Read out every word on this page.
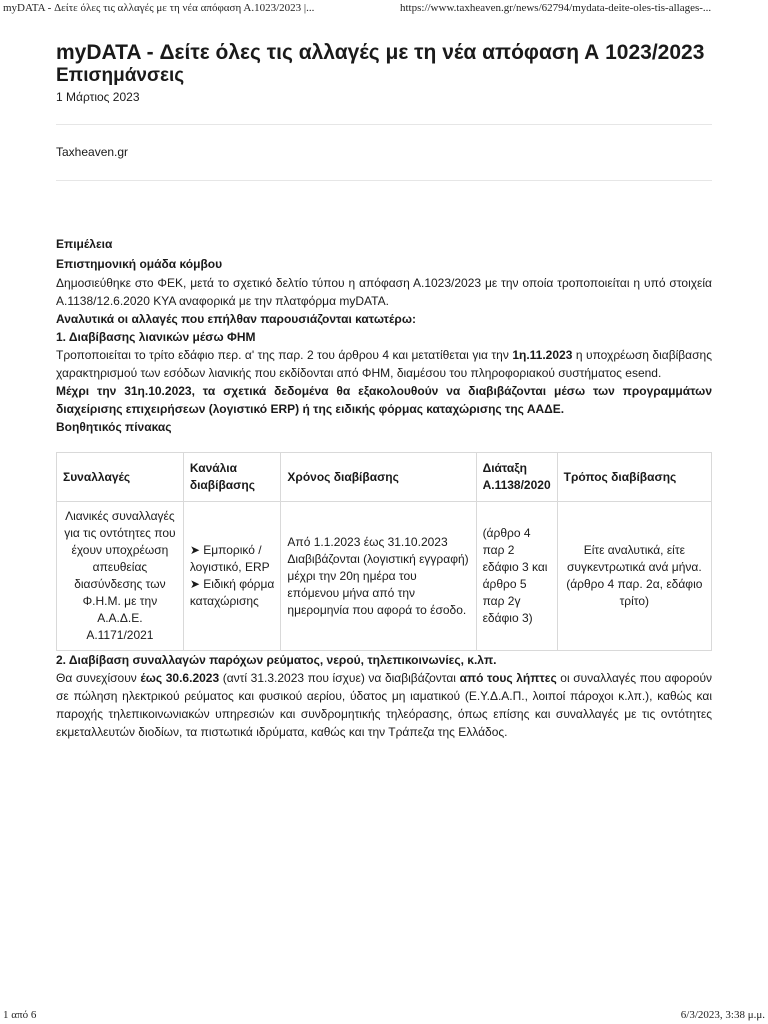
myDATA - Δείτε όλες τις αλλαγές με τη νέα απόφαση Α.1023/2023 |...	https://www.taxheaven.gr/news/62794/mydata-deite-oles-tis-allages-...
myDATA - Δείτε όλες τις αλλαγές με τη νέα απόφαση Α 1023/2023
Επισημάνσεις
1 Μάρτιος 2023
Taxheaven.gr
Επιμέλεια
Επιστημονική ομάδα κόμβου

Δημοσιεύθηκε στο ΦΕΚ, μετά το σχετικό δελτίο τύπου η απόφαση Α.1023/2023 με την οποία τροποποιείται η υπό στοιχεία Α.1138/12.6.2020 ΚΥΑ αναφορικά με την πλατφόρμα myDATA.

Αναλυτικά οι αλλαγές που επήλθαν παρουσιάζονται κατωτέρω:

1. Διαβίβασης λιανικών μέσω ΦΗΜ

Τροποποιείται το τρίτο εδάφιο περ. α' της παρ. 2 του άρθρου 4 και μετατίθεται για την 1η.11.2023 η υποχρέωση διαβίβασης χαρακτηρισμού των εσόδων λιανικής που εκδίδονται από ΦΗΜ, διαμέσου του πληροφοριακού συστήματος esend.

Μέχρι την 31η.10.2023, τα σχετικά δεδομένα θα εξακολουθούν να διαβιβάζονται μέσω των προγραμμάτων διαχείρισης επιχειρήσεων (λογιστικό ERP) ή της ειδικής φόρμας καταχώρισης της ΑΑΔΕ.

Βοηθητικός πίνακας

Συναλλαγές	Κανάλια διαβίβασης	Χρόνος διαβίβασης	Διάταξη Α.1138/2020	Τρόπος διαβίβασης
Λιανικές συναλλαγές για τις οντότητες που έχουν υποχρέωση απευθείας διασύνδεσης των Φ.Η.Μ. με την Α.Α.Δ.Ε. Α.1171/2021	➤ Εμπορικό /λογιστικό, ERP ➤ Ειδική φόρμα καταχώρισης	Από 1.1.2023 έως 31.10.2023 Διαβιβάζονται (λογιστική εγγραφή) μέχρι την 20η ημέρα του επόμενου μήνα από την ημερομηνία που αφορά το έσοδο.	(άρθρο 4 παρ 2 εδάφιο 3 και άρθρο 5 παρ 2γ εδάφιο 3)	Είτε αναλυτικά, είτε συγκεντρωτικά ανά μήνα. (άρθρο 4 παρ. 2α, εδάφιο τρίτο)

2. Διαβίβαση συναλλαγών παρόχων ρεύματος, νερού, τηλεπικοινωνίες, κ.λπ.

Θα συνεχίσουν έως 30.6.2023 (αντί 31.3.2023 που ίσχυε) να διαβιβάζονται από τους λήπτες οι συναλλαγές που αφορούν σε πώληση ηλεκτρικού ρεύματος και φυσικού αερίου, ύδατος μη ιαματικού (Ε.Υ.Δ.Α.Π., λοιποί πάροχοι κ.λπ.), καθώς και παροχής τηλεπικοινωνιακών υπηρεσιών και συνδρομητικής τηλεόρασης, όπως επίσης και συναλλαγές με τις οντότητες εκμεταλλευτών διοδίων, τα πιστωτικά ιδρύματα, καθώς και την Τράπεζα της Ελλάδος.

1 από 6	6/3/2023, 3:38 μ.μ.
